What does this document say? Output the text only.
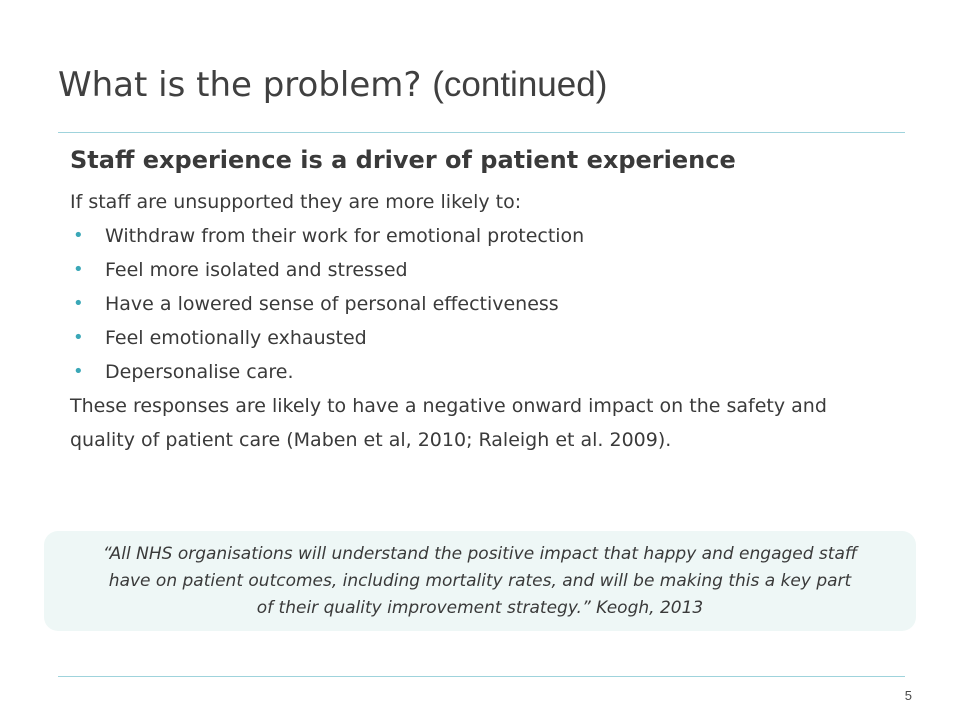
What is the problem? (continued)
Staff experience is a driver of patient experience

If staff are unsupported they are more likely to:

• Withdraw from their work for emotional protection
• Feel more isolated and stressed
• Have a lowered sense of personal effectiveness
• Feel emotionally exhausted
• Depersonalise care.

These responses are likely to have a negative onward impact on the safety and quality of patient care (Maben et al, 2010; Raleigh et al. 2009).

“All NHS organisations will understand the positive impact that happy and engaged staff have on patient outcomes, including mortality rates, and will be making this a key part of their quality improvement strategy.” Keogh, 2013

5
